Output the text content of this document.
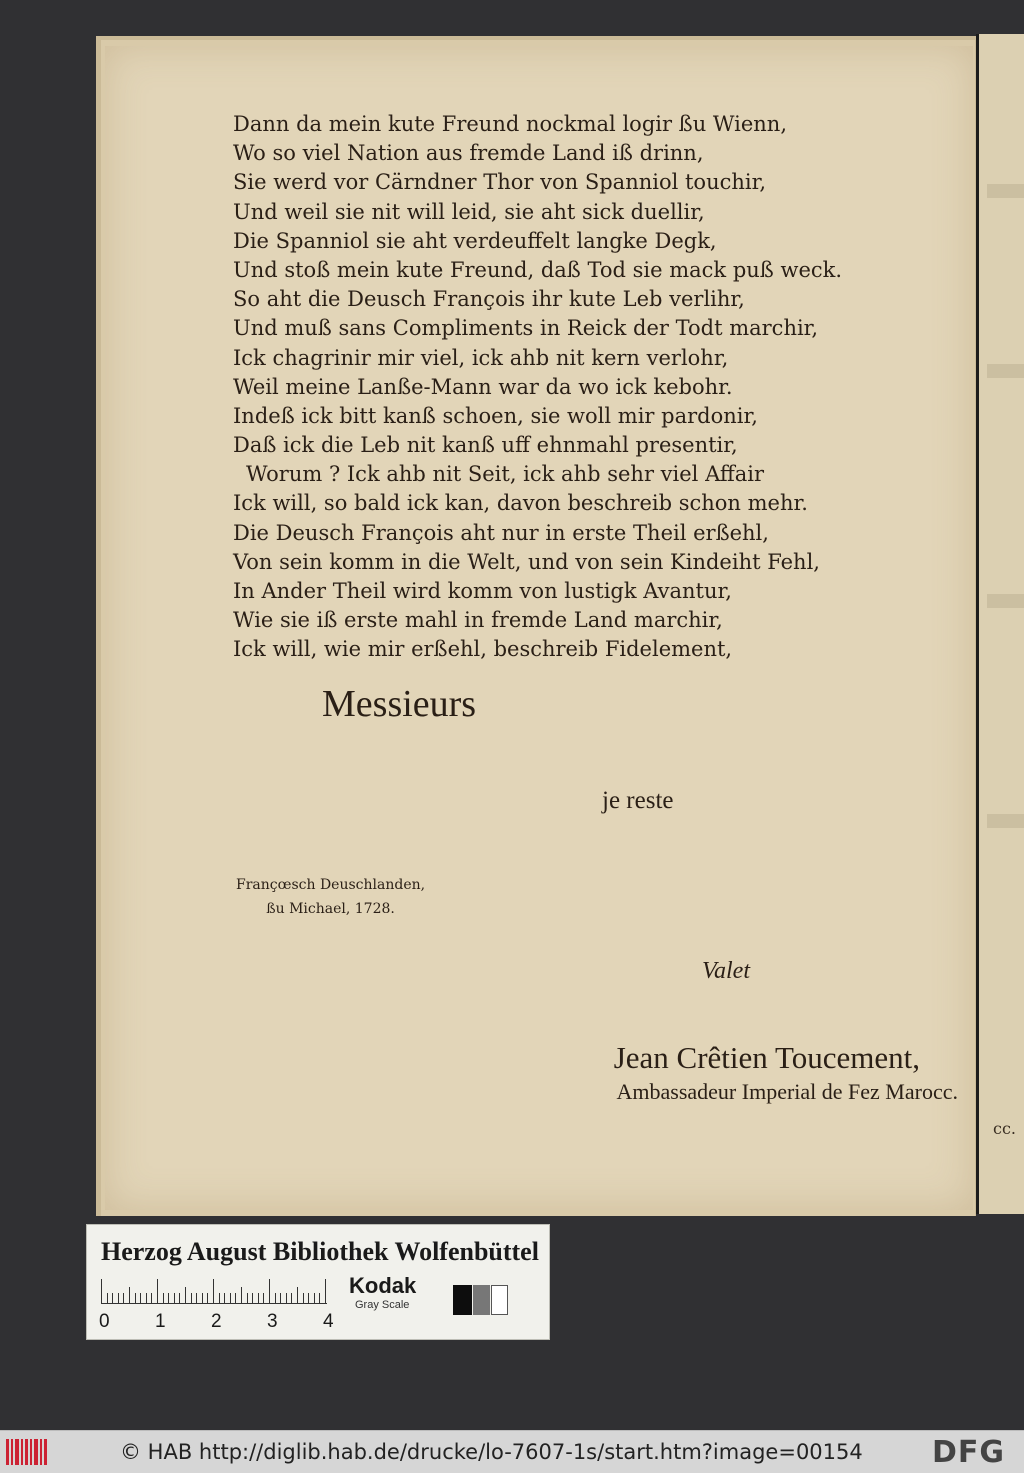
cc.
Dann da mein kute Freund nockmal logir ßu Wienn,
Wo so viel Nation aus fremde Land iß drinn,
Sie werd vor Cärndner Thor von Spanniol touchir,
Und weil sie nit will leid, sie aht sick duellir,
Die Spanniol sie aht verdeuffelt langke Degk,
Und stoß mein kute Freund, daß Tod sie mack puß weck.
So aht die Deusch François ihr kute Leb verlihr,
Und muß sans Compliments in Reick der Todt marchir,
Ick chagrinir mir viel, ick ahb nit kern verlohr,
Weil meine Lanße-Mann war da wo ick kebohr.
Indeß ick bitt kanß schoen, sie woll mir pardonir,
Daß ick die Leb nit kanß uff ehnmahl presentir,
Worum ? Ick ahb nit Seit, ick ahb sehr viel Affair
Ick will, so bald ick kan, davon beschreib schon mehr.
Die Deusch François aht nur in erste Theil erßehl,
Von sein komm in die Welt, und von sein Kindeiht Fehl,
In Ander Theil wird komm von lustigk Avantur,
Wie sie iß erste mahl in fremde Land marchir,
Ick will, wie mir erßehl, beschreib Fidelement,
Messieurs
je reste
Françœsch Deuschlanden,
ßu Michael, 1728.
Valet
Jean Crêtien Toucement,
Ambassadeur Imperial de Fez Marocc.
Herzog August Bibliothek Wolfenbüttel
0 1 2 3 4
Kodak
Gray Scale
© HAB http://diglib.hab.de/drucke/lo-7607-1s/start.htm?image=00154 DFG
